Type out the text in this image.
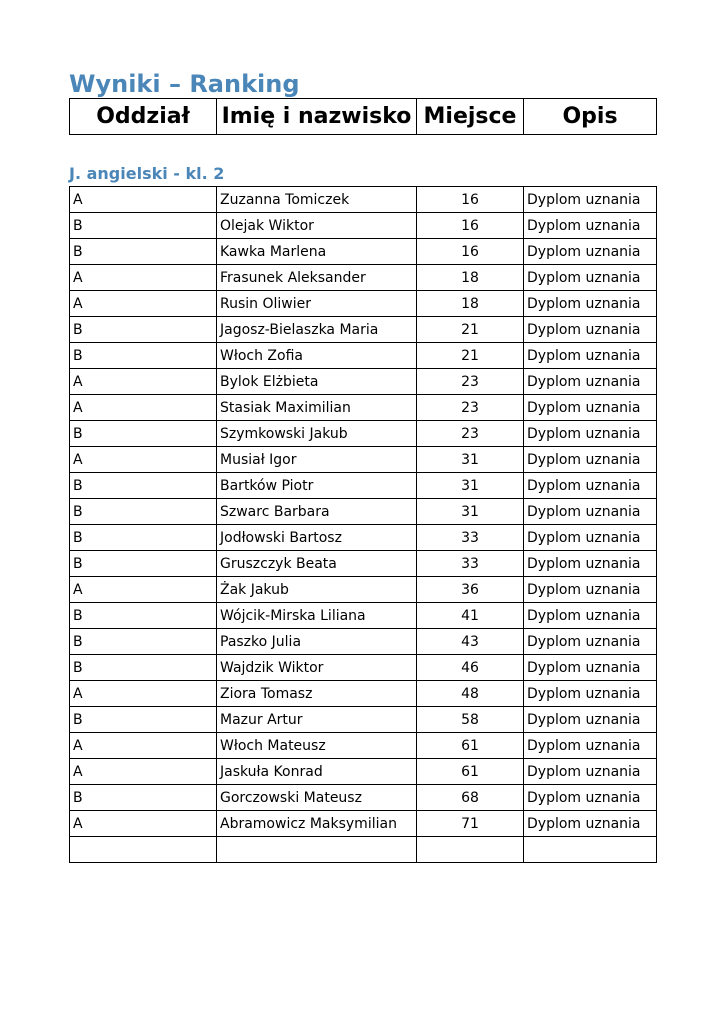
Wyniki – Ranking
Oddział	Imię i nazwisko	Miejsce	Opis
J. angielski - kl. 2
A	Zuzanna Tomiczek	16	Dyplom uznania
B	Olejak Wiktor	16	Dyplom uznania
B	Kawka Marlena	16	Dyplom uznania
A	Frasunek Aleksander	18	Dyplom uznania
A	Rusin Oliwier	18	Dyplom uznania
B	Jagosz-Bielaszka Maria	21	Dyplom uznania
B	Włoch Zofia	21	Dyplom uznania
A	Bylok Elżbieta	23	Dyplom uznania
A	Stasiak Maximilian	23	Dyplom uznania
B	Szymkowski Jakub	23	Dyplom uznania
A	Musiał Igor	31	Dyplom uznania
B	Bartków Piotr	31	Dyplom uznania
B	Szwarc Barbara	31	Dyplom uznania
B	Jodłowski Bartosz	33	Dyplom uznania
B	Gruszczyk Beata	33	Dyplom uznania
A	Żak Jakub	36	Dyplom uznania
B	Wójcik-Mirska Liliana	41	Dyplom uznania
B	Paszko Julia	43	Dyplom uznania
B	Wajdzik Wiktor	46	Dyplom uznania
A	Ziora Tomasz	48	Dyplom uznania
B	Mazur Artur	58	Dyplom uznania
A	Włoch Mateusz	61	Dyplom uznania
A	Jaskuła Konrad	61	Dyplom uznania
B	Gorczowski Mateusz	68	Dyplom uznania
A	Abramowicz Maksymilian	71	Dyplom uznania
